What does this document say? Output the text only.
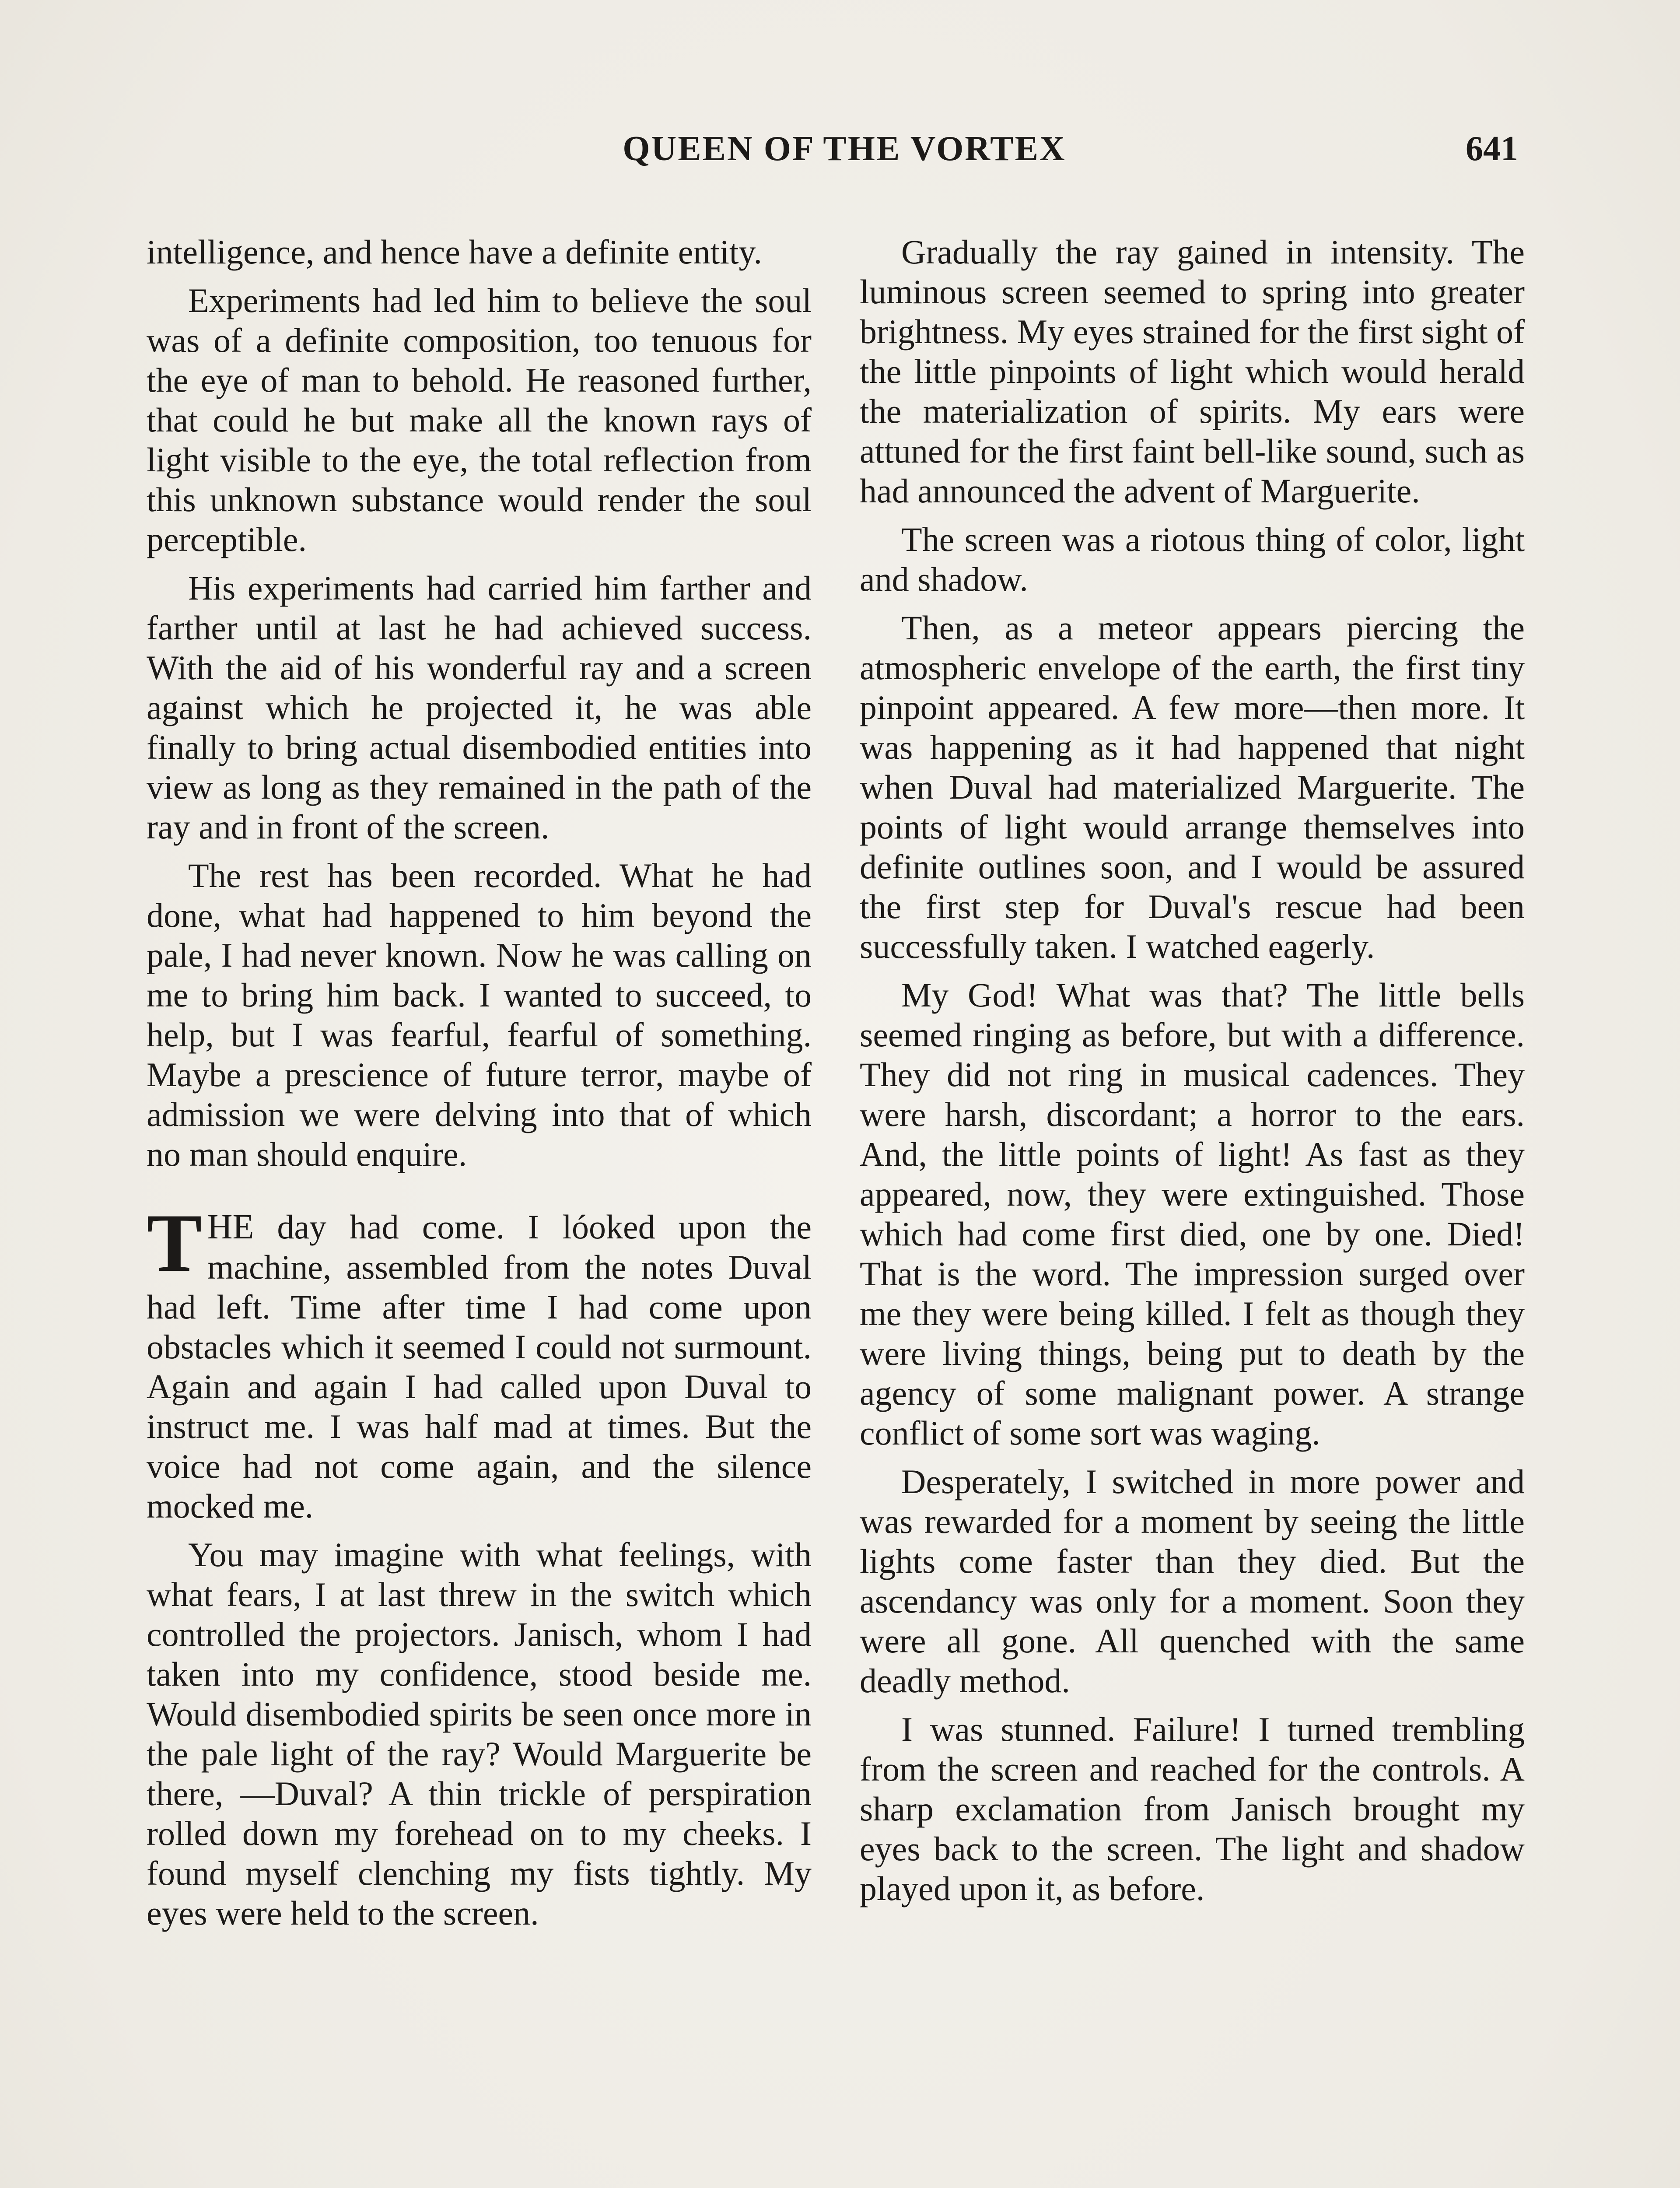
QUEEN OF THE VORTEX	641

intelligence, and hence have a definite entity.

Experiments had led him to believe the soul was of a definite composition, too tenuous for the eye of man to behold. He reasoned further, that could he but make all the known rays of light visible to the eye, the total reflection from this unknown substance would render the soul perceptible.

His experiments had carried him farther and farther until at last he had achieved success. With the aid of his wonderful ray and a screen against which he projected it, he was able finally to bring actual disembodied entities into view as long as they remained in the path of the ray and in front of the screen.

The rest has been recorded. What he had done, what had happened to him beyond the pale, I had never known. Now he was calling on me to bring him back. I wanted to succeed, to help, but I was fearful, fearful of something. Maybe a prescience of future terror, maybe of admission we were delving into that of which no man should enquire.

THE day had come. I lóoked upon the machine, assembled from the notes Duval had left. Time after time I had come upon obstacles which it seemed I could not surmount. Again and again I had called upon Duval to instruct me. I was half mad at times. But the voice had not come again, and the silence mocked me.

You may imagine with what feelings, with what fears, I at last threw in the switch which controlled the projectors. Janisch, whom I had taken into my confidence, stood beside me. Would disembodied spirits be seen once more in the pale light of the ray? Would Marguerite be there, —Duval? A thin trickle of perspiration rolled down my forehead on to my cheeks. I found myself clenching my fists tightly. My eyes were held to the screen.

Gradually the ray gained in intensity. The luminous screen seemed to spring into greater brightness. My eyes strained for the first sight of the little pinpoints of light which would herald the materialization of spirits. My ears were attuned for the first faint bell-like sound, such as had announced the advent of Marguerite.

The screen was a riotous thing of color, light and shadow.

Then, as a meteor appears piercing the atmospheric envelope of the earth, the first tiny pinpoint appeared. A few more—then more. It was happening as it had happened that night when Duval had materialized Marguerite. The points of light would arrange themselves into definite outlines soon, and I would be assured the first step for Duval's rescue had been successfully taken. I watched eagerly.

My God! What was that? The little bells seemed ringing as before, but with a difference. They did not ring in musical cadences. They were harsh, discordant; a horror to the ears. And, the little points of light! As fast as they appeared, now, they were extinguished. Those which had come first died, one by one. Died! That is the word. The impression surged over me they were being killed. I felt as though they were living things, being put to death by the agency of some malignant power. A strange conflict of some sort was waging.

Desperately, I switched in more power and was rewarded for a moment by seeing the little lights come faster than they died. But the ascendancy was only for a moment. Soon they were all gone. All quenched with the same deadly method.

I was stunned. Failure! I turned trembling from the screen and reached for the controls. A sharp exclamation from Janisch brought my eyes back to the screen. The light and shadow played upon it, as before.
